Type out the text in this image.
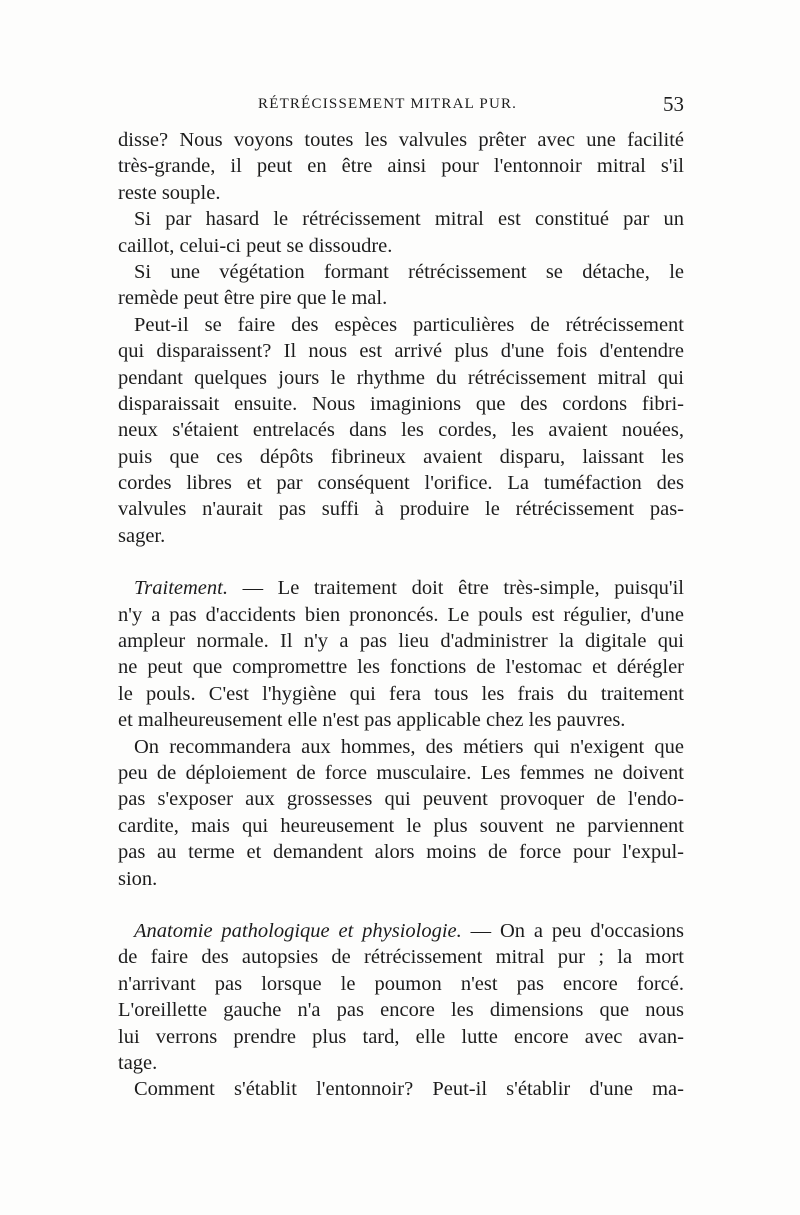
RÉTRÉCISSEMENT MITRAL PUR.	53
disse? Nous voyons toutes les valvules prêter avec une facilité
très-grande, il peut en être ainsi pour l'entonnoir mitral s'il
reste souple.
Si par hasard le rétrécissement mitral est constitué par un
caillot, celui-ci peut se dissoudre.
Si une végétation formant rétrécissement se détache, le
remède peut être pire que le mal.
Peut-il se faire des espèces particulières de rétrécissement
qui disparaissent? Il nous est arrivé plus d'une fois d'entendre
pendant quelques jours le rhythme du rétrécissement mitral qui
disparaissait ensuite. Nous imaginions que des cordons fibri-
neux s'étaient entrelacés dans les cordes, les avaient nouées,
puis que ces dépôts fibrineux avaient disparu, laissant les
cordes libres et par conséquent l'orifice. La tuméfaction des
valvules n'aurait pas suffi à produire le rétrécissement pas-
sager.
Traitement. — Le traitement doit être très-simple, puisqu'il
n'y a pas d'accidents bien prononcés. Le pouls est régulier, d'une
ampleur normale. Il n'y a pas lieu d'administrer la digitale qui
ne peut que compromettre les fonctions de l'estomac et dérégler
le pouls. C'est l'hygiène qui fera tous les frais du traitement
et malheureusement elle n'est pas applicable chez les pauvres.
On recommandera aux hommes, des métiers qui n'exigent que
peu de déploiement de force musculaire. Les femmes ne doivent
pas s'exposer aux grossesses qui peuvent provoquer de l'endo-
cardite, mais qui heureusement le plus souvent ne parviennent
pas au terme et demandent alors moins de force pour l'expul-
sion.
Anatomie pathologique et physiologie. — On a peu d'occasions
de faire des autopsies de rétrécissement mitral pur ; la mort
n'arrivant pas lorsque le poumon n'est pas encore forcé.
L'oreillette gauche n'a pas encore les dimensions que nous
lui verrons prendre plus tard, elle lutte encore avec avan-
tage.
Comment s'établit l'entonnoir? Peut-il s'établir d'une ma-
